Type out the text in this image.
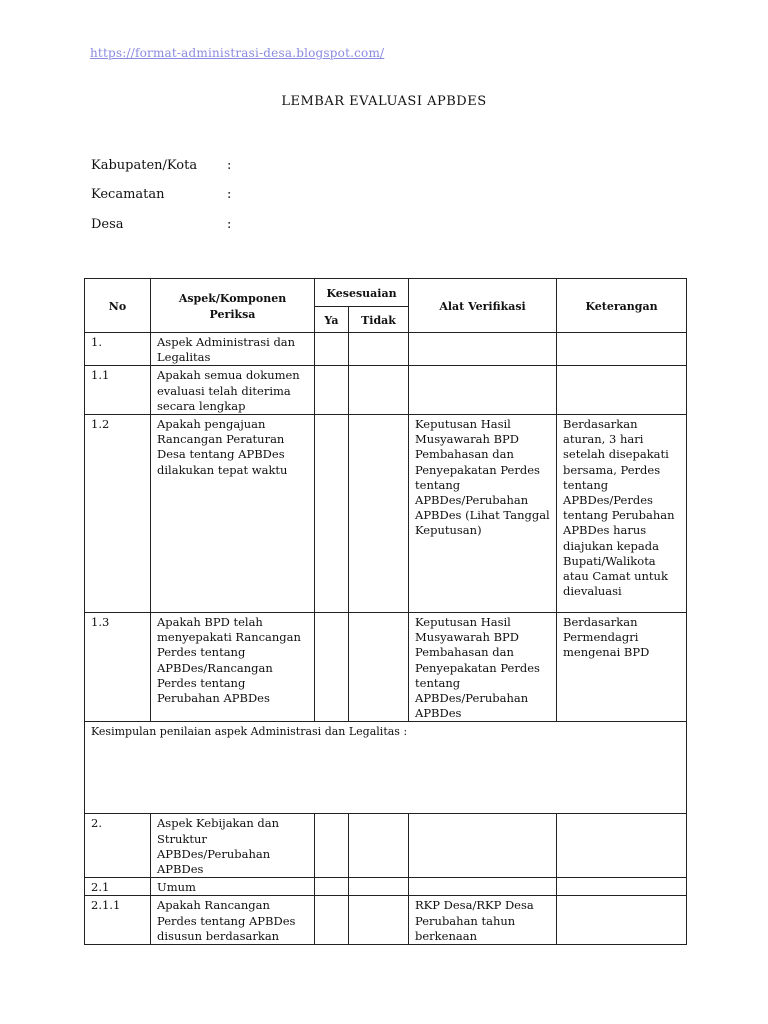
https://format-administrasi-desa.blogspot.com/
LEMBAR EVALUASI APBDES
Kabupaten/Kota :
Kecamatan	:
Desa	:
No	Aspek/Komponen Periksa	Kesesuaian		Alat Verifikasi	Keterangan
		Ya	Tidak		
1.	Aspek Administrasi dan Legalitas				
1.1	Apakah semua dokumen evaluasi telah diterima secara lengkap				
1.2	Apakah pengajuan Rancangan Peraturan Desa tentang APBDes dilakukan tepat waktu			Keputusan Hasil Musyawarah BPD Pembahasan dan Penyepakatan Perdes tentang APBDes/Perubahan APBDes (Lihat Tanggal Keputusan)	Berdasarkan aturan, 3 hari setelah disepakati bersama, Perdes tentang APBDes/Perdes tentang Perubahan APBDes harus diajukan kepada Bupati/Walikota atau Camat untuk dievaluasi
1.3	Apakah BPD telah menyepakati Rancangan Perdes tentang APBDes/Rancangan Perdes tentang Perubahan APBDes			Keputusan Hasil Musyawarah BPD Pembahasan dan Penyepakatan Perdes tentang APBDes/Perubahan APBDes	Berdasarkan Permendagri mengenai BPD
Kesimpulan penilaian aspek Administrasi dan Legalitas :					
2.	Aspek Kebijakan dan Struktur APBDes/Perubahan APBDes				
2.1	Umum				
2.1.1	Apakah Rancangan Perdes tentang APBDes disusun berdasarkan			RKP Desa/RKP Desa Perubahan tahun berkenaan	
